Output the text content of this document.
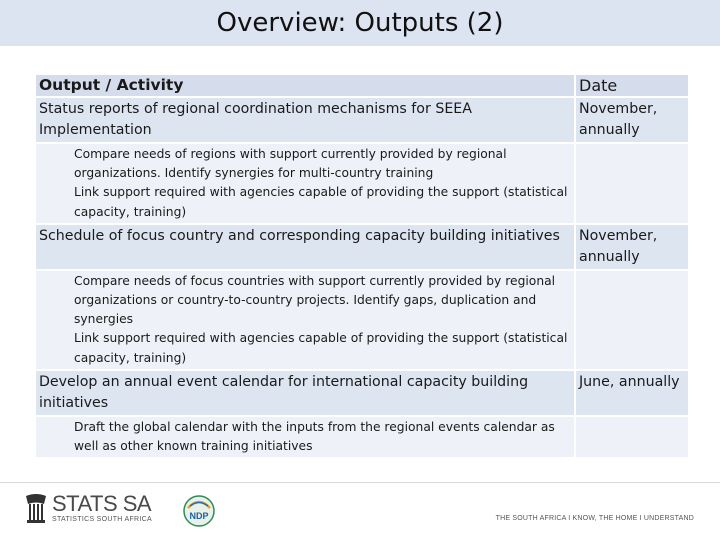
Overview: Outputs (2)
Output / Activity	Date
Status reports of regional coordination mechanisms for SEEA Implementation	November, annually

Compare needs of regions with support currently provided by regional organizations. Identify synergies for multi-country training
Link support required with agencies capable of providing the support (statistical capacity, training)	

Schedule of focus country and corresponding capacity building initiatives	November, annually

Compare needs of focus countries with support currently provided by regional organizations or country-to-country projects. Identify gaps, duplication and synergies
Link support required with agencies capable of providing the support (statistical capacity, training)	

Develop an annual event calendar for international capacity building initiatives	June, annually
Draft the global calendar with the inputs from the regional events calendar as well as other known training initiatives	
STATS SA
STATISTICS SOUTH AFRICA	NDP	THE SOUTH AFRICA I KNOW, THE HOME I UNDERSTAND
